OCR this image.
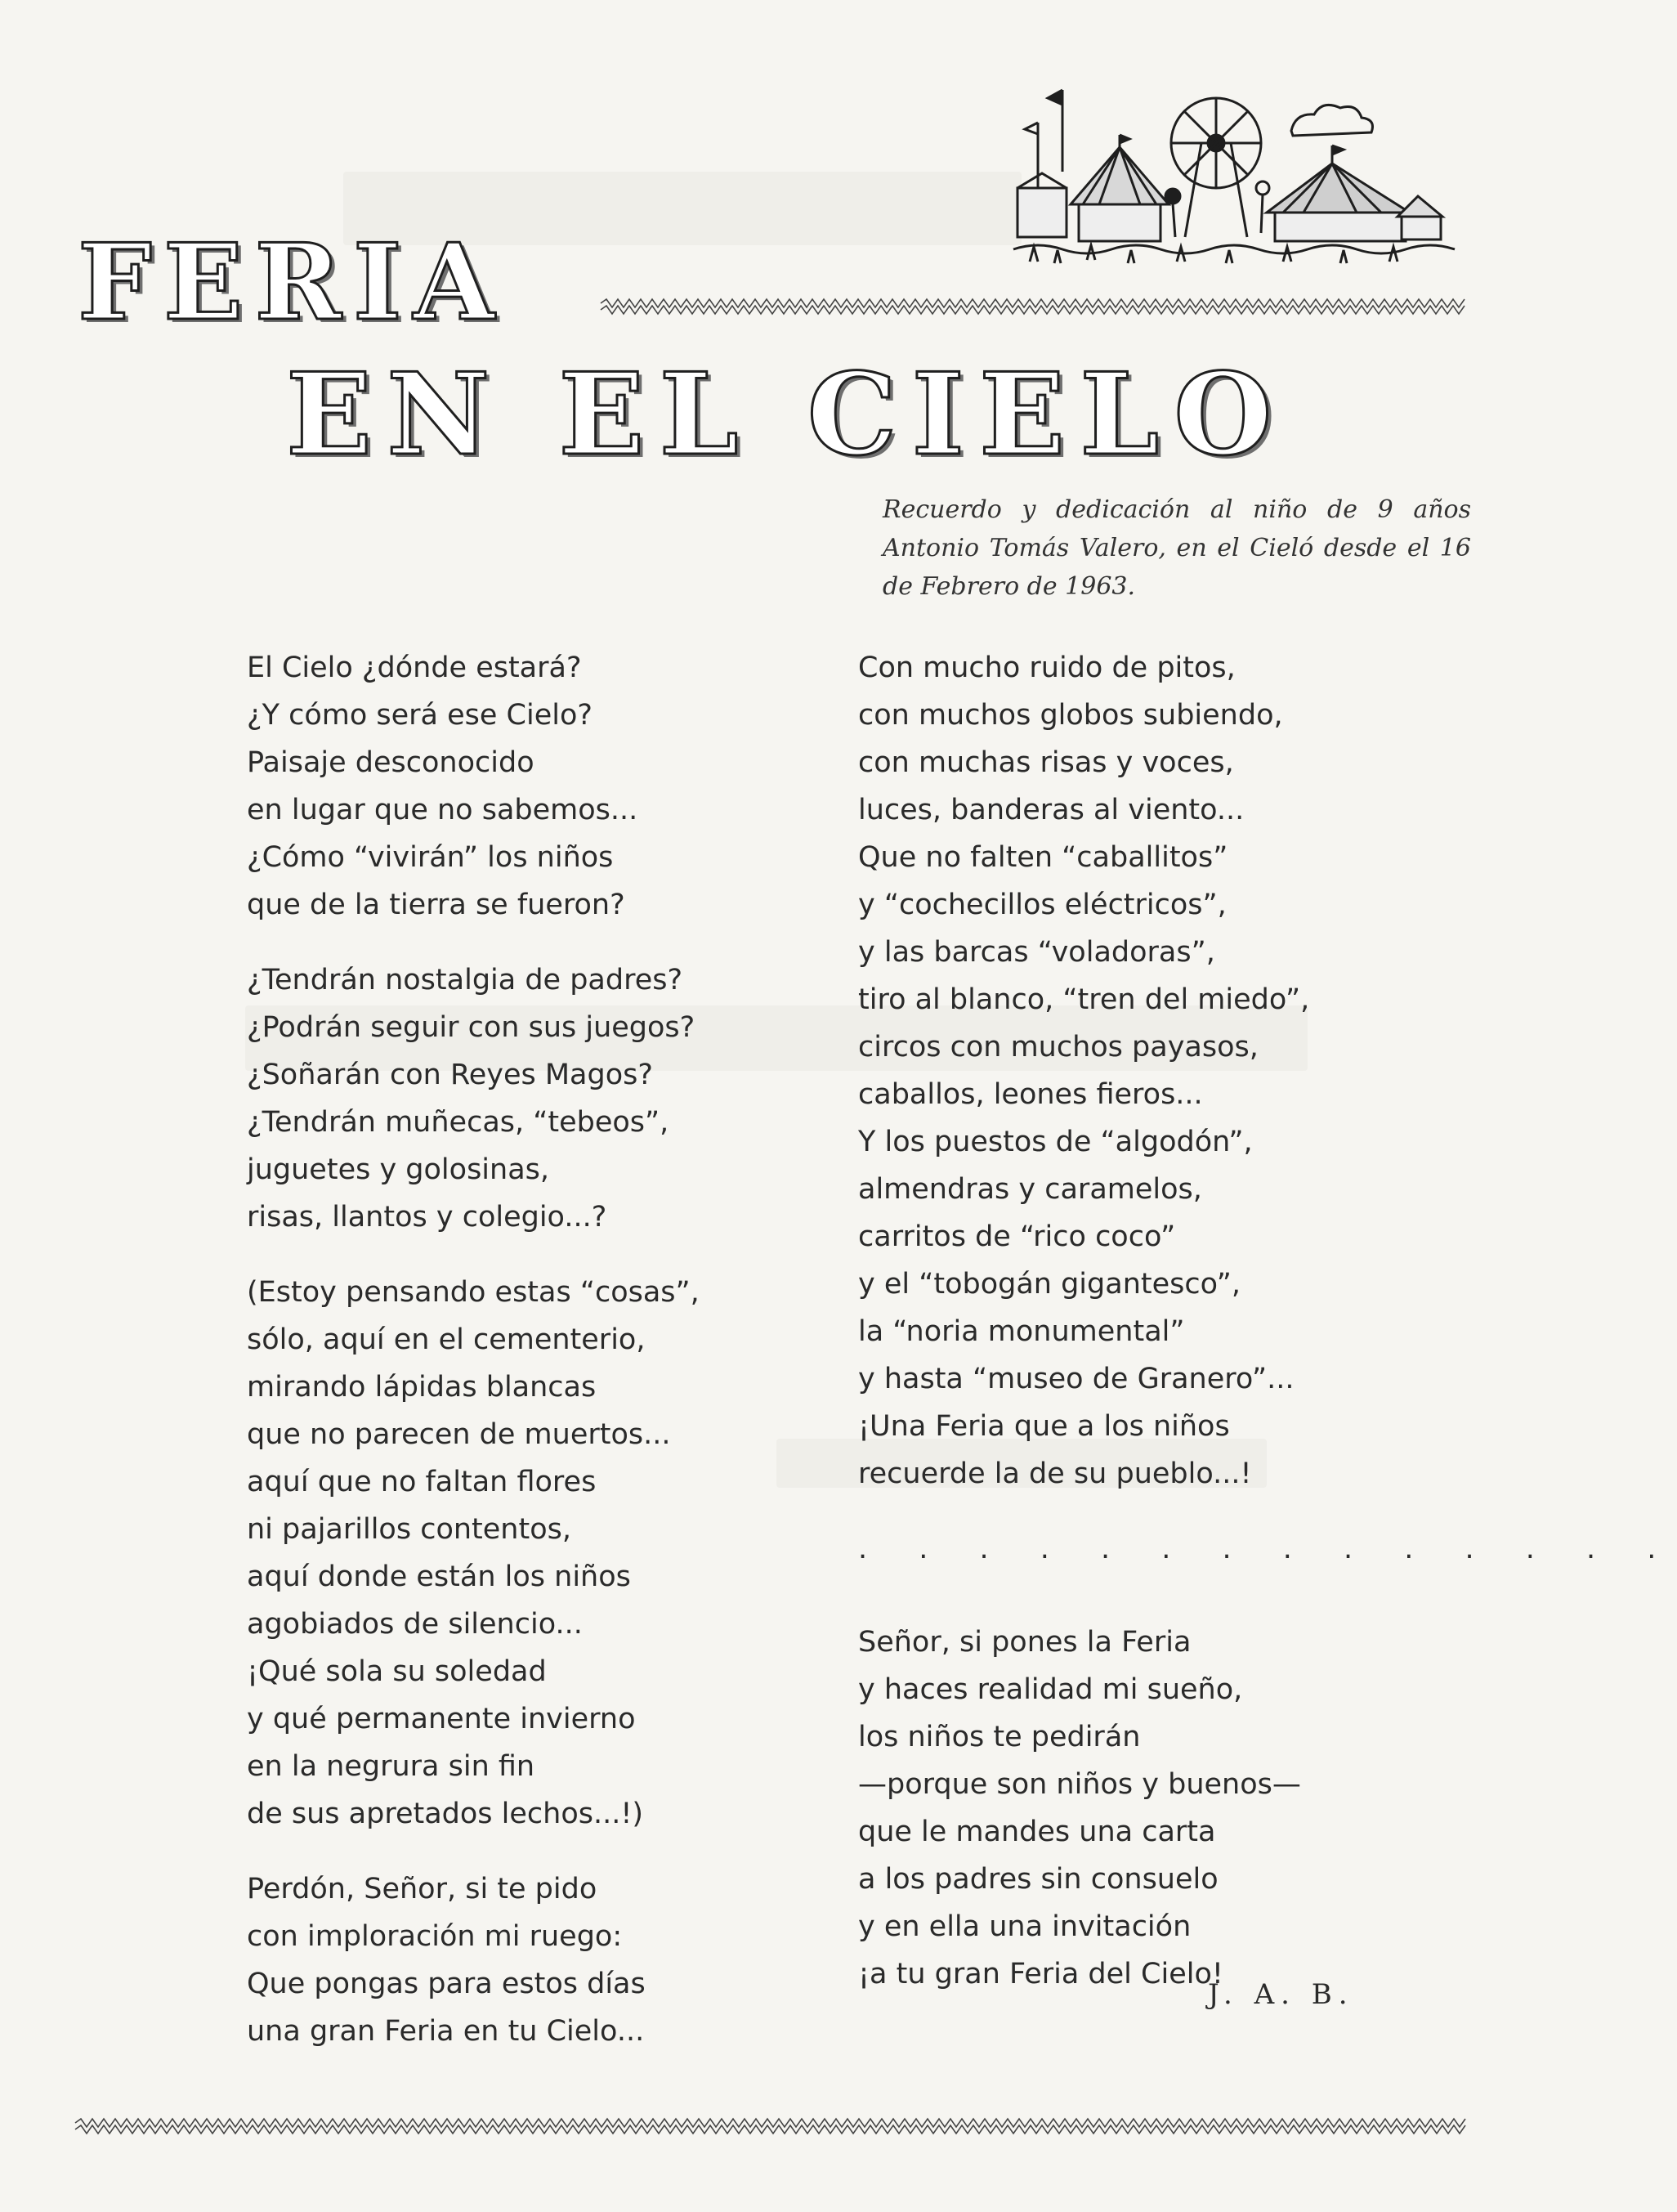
FERIA
EN EL CIELO
Recuerdo y dedicación al niño de 9 años Antonio Tomás Valero, en el Cieló desde el 16 de Febrero de 1963.
El Cielo ¿dónde estará?
¿Y cómo será ese Cielo?
Paisaje desconocido
en lugar que no sabemos...
¿Cómo “vivirán” los niños
que de la tierra se fueron?
¿Tendrán nostalgia de padres?
¿Podrán seguir con sus juegos?
¿Soñarán con Reyes Magos?
¿Tendrán muñecas, “tebeos”,
juguetes y golosinas,
risas, llantos y colegio...?
(Estoy pensando estas “cosas”,
sólo, aquí en el cementerio,
mirando lápidas blancas
que no parecen de muertos...
aquí que no faltan flores
ni pajarillos contentos,
aquí donde están los niños
agobiados de silencio...
¡Qué sola su soledad
y qué permanente invierno
en la negrura sin fin
de sus apretados lechos...!)
Perdón, Señor, si te pido
con imploración mi ruego:
Que pongas para estos días
una gran Feria en tu Cielo...
Con mucho ruido de pitos,
con muchos globos subiendo,
con muchas risas y voces,
luces, banderas al viento...
Que no falten “caballitos”
y “cochecillos eléctricos”,
y las barcas “voladoras”,
tiro al blanco, “tren del miedo”,
circos con muchos payasos,
caballos, leones fieros...
Y los puestos de “algodón”,
almendras y caramelos,
carritos de “rico coco”
y el “tobogán gigantesco”,
la “noria monumental”
y hasta “museo de Granero”...
¡Una Feria que a los niños
recuerde la de su pueblo...!
. . . . . . . . . . . . . .
Señor, si pones la Feria
y haces realidad mi sueño,
los niños te pedirán
—porque son niños y buenos—
que le mandes una carta
a los padres sin consuelo
y en ella una invitación
¡a tu gran Feria del Cielo!
J. A. B.
